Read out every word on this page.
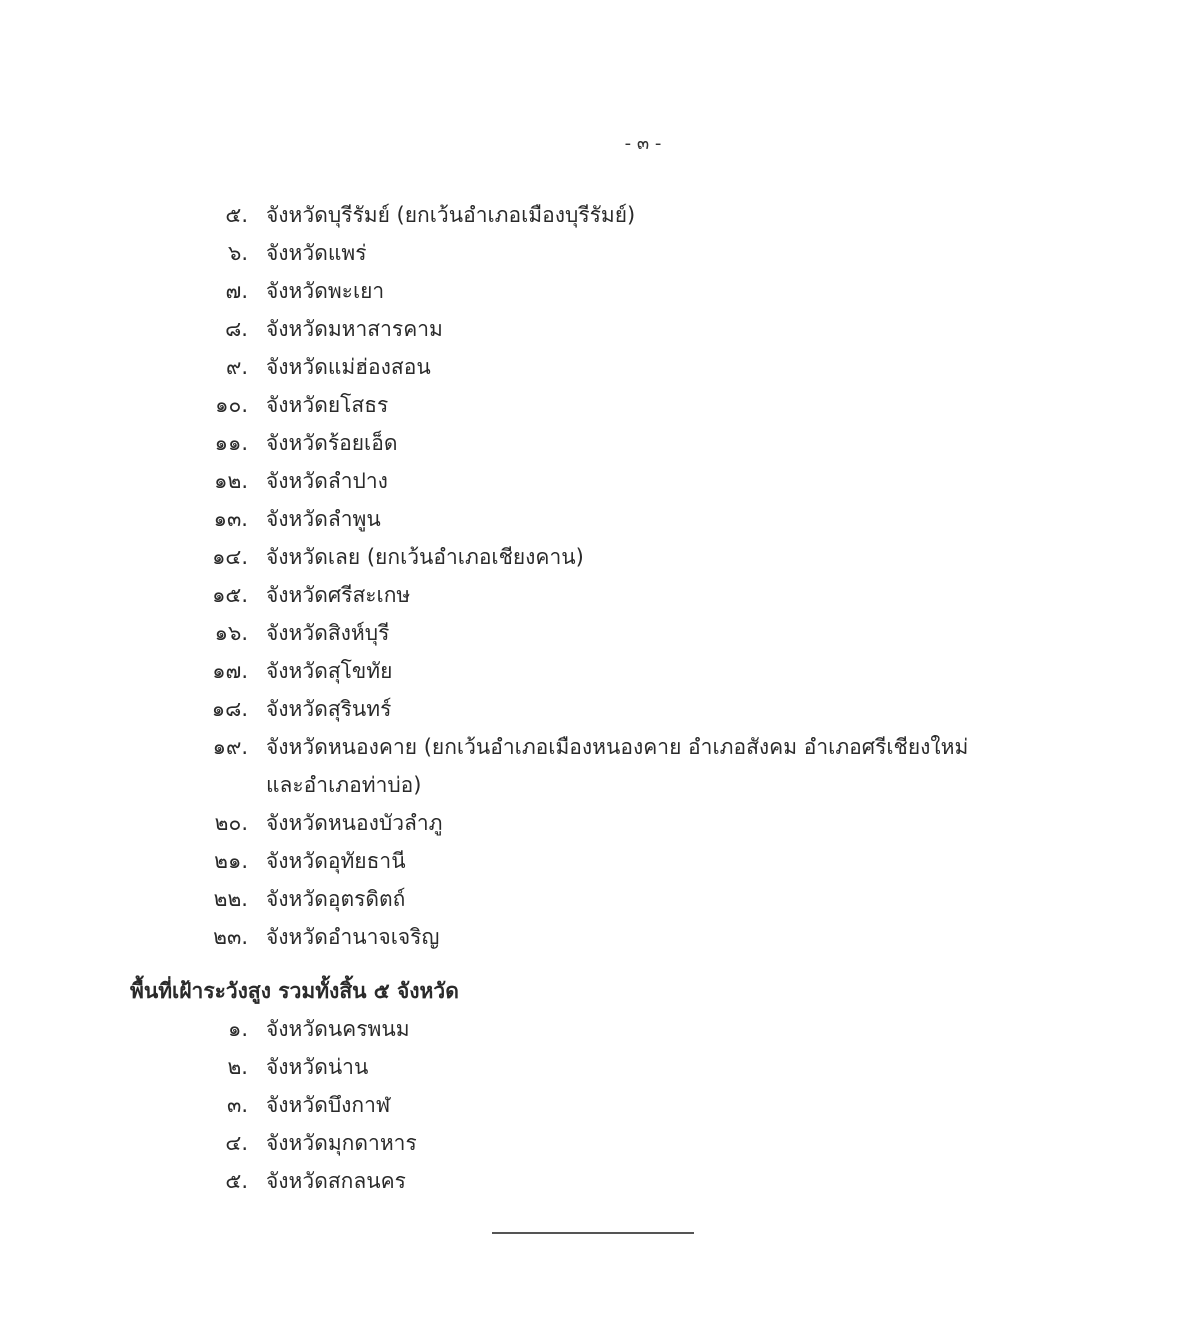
- ๓ -
๕. จังหวัดบุรีรัมย์ (ยกเว้นอำเภอเมืองบุรีรัมย์)
๖. จังหวัดแพร่
๗. จังหวัดพะเยา
๘. จังหวัดมหาสารคาม
๙. จังหวัดแม่ฮ่องสอน
๑๐. จังหวัดยโสธร
๑๑. จังหวัดร้อยเอ็ด
๑๒. จังหวัดลำปาง
๑๓. จังหวัดลำพูน
๑๔. จังหวัดเลย (ยกเว้นอำเภอเชียงคาน)
๑๕. จังหวัดศรีสะเกษ
๑๖. จังหวัดสิงห์บุรี
๑๗. จังหวัดสุโขทัย
๑๘. จังหวัดสุรินทร์
๑๙. จังหวัดหนองคาย (ยกเว้นอำเภอเมืองหนองคาย อำเภอสังคม อำเภอศรีเชียงใหม่
และอำเภอท่าบ่อ)
๒๐. จังหวัดหนองบัวลำภู
๒๑. จังหวัดอุทัยธานี
๒๒. จังหวัดอุตรดิตถ์
๒๓. จังหวัดอำนาจเจริญ
พื้นที่เฝ้าระวังสูง รวมทั้งสิ้น ๕ จังหวัด
๑. จังหวัดนครพนม
๒. จังหวัดน่าน
๓. จังหวัดบึงกาฬ
๔. จังหวัดมุกดาหาร
๕. จังหวัดสกลนคร
